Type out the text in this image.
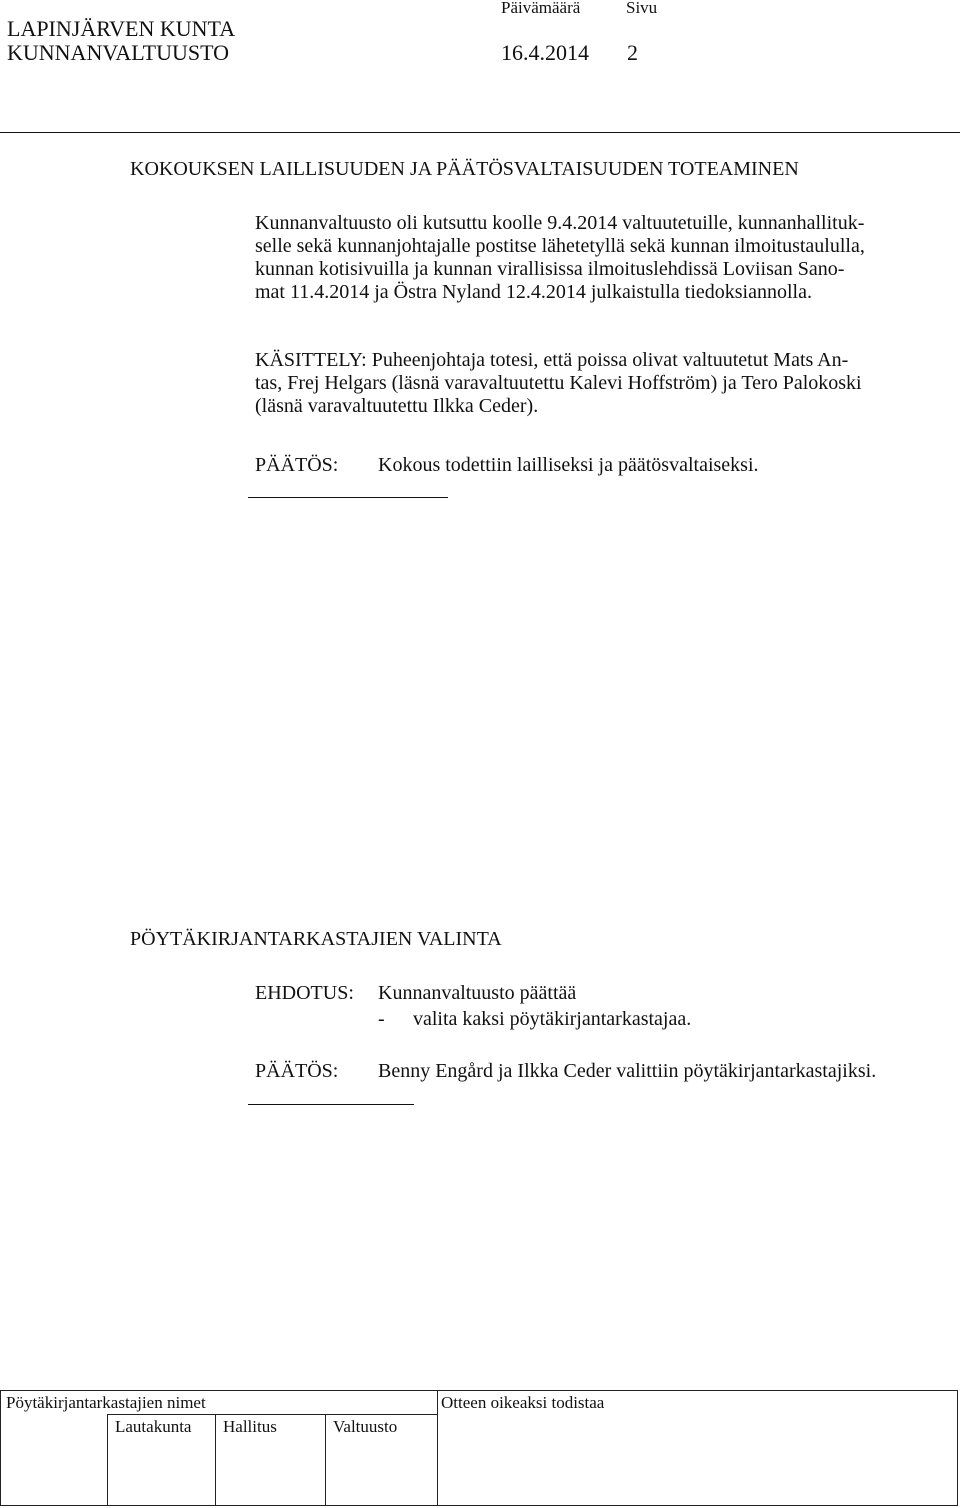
LAPINJÄRVEN KUNTA
KUNNANVALTUUSTO
Päivämäärä	Sivu
16.4.2014 2
KOKOUKSEN LAILLISUUDEN JA PÄÄTÖSVALTAISUUDEN TOTEAMINEN
Kunnanvaltuusto oli kutsuttu koolle 9.4.2014 valtuutetuille, kunnanhallituk-
selle sekä kunnanjohtajalle postitse lähetetyllä sekä kunnan ilmoitustaululla,
kunnan kotisivuilla ja kunnan virallisissa ilmoituslehdissä Loviisan Sano-
mat 11.4.2014 ja Östra Nyland 12.4.2014 julkaistulla tiedoksiannolla.
KÄSITTELY: Puheenjohtaja totesi, että poissa olivat valtuutetut Mats An-
tas, Frej Helgars (läsnä varavaltuutettu Kalevi Hoffström) ja Tero Palokoski
(läsnä varavaltuutettu Ilkka Ceder).
PÄÄTÖS: Kokous todettiin lailliseksi ja päätösvaltaiseksi.
PÖYTÄKIRJANTARKASTAJIEN VALINTA
EHDOTUS: Kunnanvaltuusto päättää
- valita kaksi pöytäkirjantarkastajaa.
PÄÄTÖS: Benny Engård ja Ilkka Ceder valittiin pöytäkirjantarkastajiksi.
Pöytäkirjantarkastajien nimet	Otteen oikeaksi todistaa
Lautakunta Hallitus	Valtuusto
